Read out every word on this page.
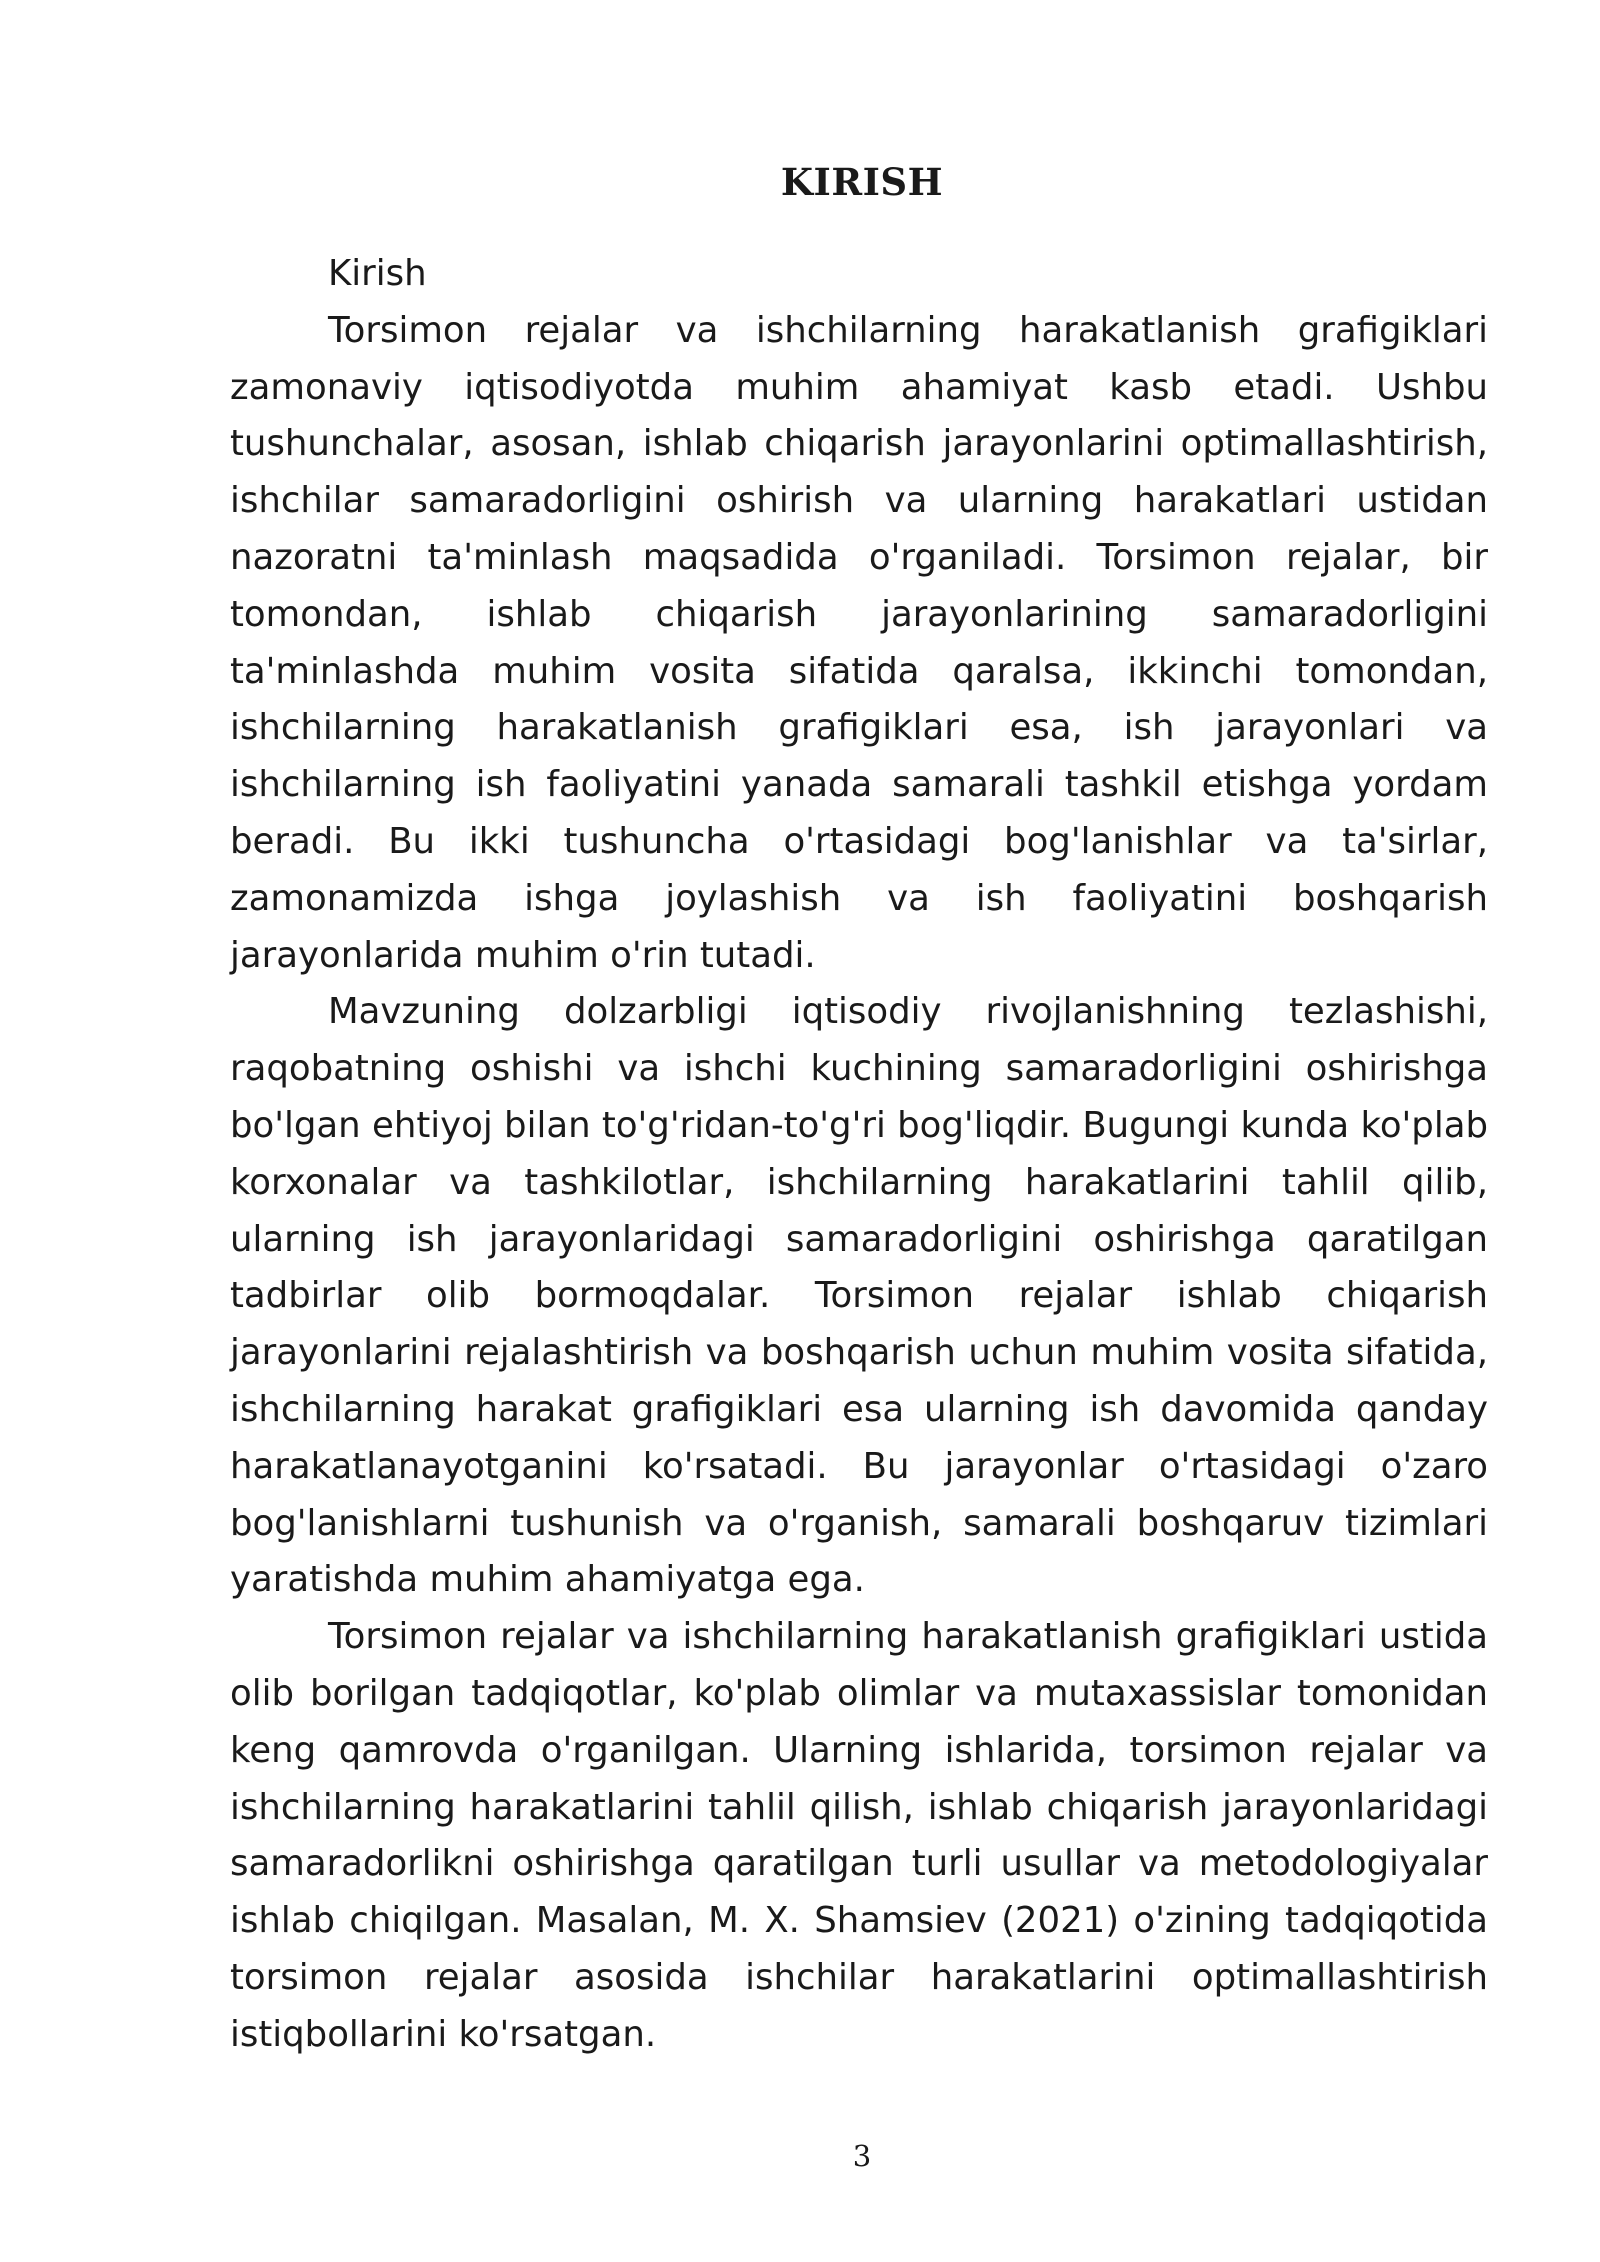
KIRISH

Kirish

Torsimon rejalar va ishchilarning harakatlanish grafigiklari zamonaviy iqtisodiyotda muhim ahamiyat kasb etadi. Ushbu tushunchalar, asosan, ishlab chiqarish jarayonlarini optimallashtirish, ishchilar samaradorligini oshirish va ularning harakatlari ustidan nazoratni ta'minlash maqsadida o'rganiladi. Torsimon rejalar, bir tomondan, ishlab chiqarish jarayonlarining samaradorligini ta'minlashda muhim vosita sifatida qaralsa, ikkinchi tomondan, ishchilarning harakatlanish grafigiklari esa, ish jarayonlari va ishchilarning ish faoliyatini yanada samarali tashkil etishga yordam beradi. Bu ikki tushuncha o'rtasidagi bog'lanishlar va ta'sirlar, zamonamizda ishga joylashish va ish faoliyatini boshqarish jarayonlarida muhim o'rin tutadi.

Mavzuning dolzarbligi iqtisodiy rivojlanishning tezlashishi, raqobatning oshishi va ishchi kuchining samaradorligini oshirishga bo'lgan ehtiyoj bilan to'g'ridan-to'g'ri bog'liqdir. Bugungi kunda ko'plab korxonalar va tashkilotlar, ishchilarning harakatlarini tahlil qilib, ularning ish jarayonlaridagi samaradorligini oshirishga qaratilgan tadbirlar olib bormoqdalar. Torsimon rejalar ishlab chiqarish jarayonlarini rejalashtirish va boshqarish uchun muhim vosita sifatida, ishchilarning harakat grafigiklari esa ularning ish davomida qanday harakatlanayotganini ko'rsatadi. Bu jarayonlar o'rtasidagi o'zaro bog'lanishlarni tushunish va o'rganish, samarali boshqaruv tizimlari yaratishda muhim ahamiyatga ega.

Torsimon rejalar va ishchilarning harakatlanish grafigiklari ustida olib borilgan tadqiqotlar, ko'plab olimlar va mutaxassislar tomonidan keng qamrovda o'rganilgan. Ularning ishlarida, torsimon rejalar va ishchilarning harakatlarini tahlil qilish, ishlab chiqarish jarayonlaridagi samaradorlikni oshirishga qaratilgan turli usullar va metodologiyalar ishlab chiqilgan. Masalan, M. X. Shamsiev (2021) o'zining tadqiqotida torsimon rejalar asosida ishchilar harakatlarini optimallashtirish istiqbollarini ko'rsatgan.

3
